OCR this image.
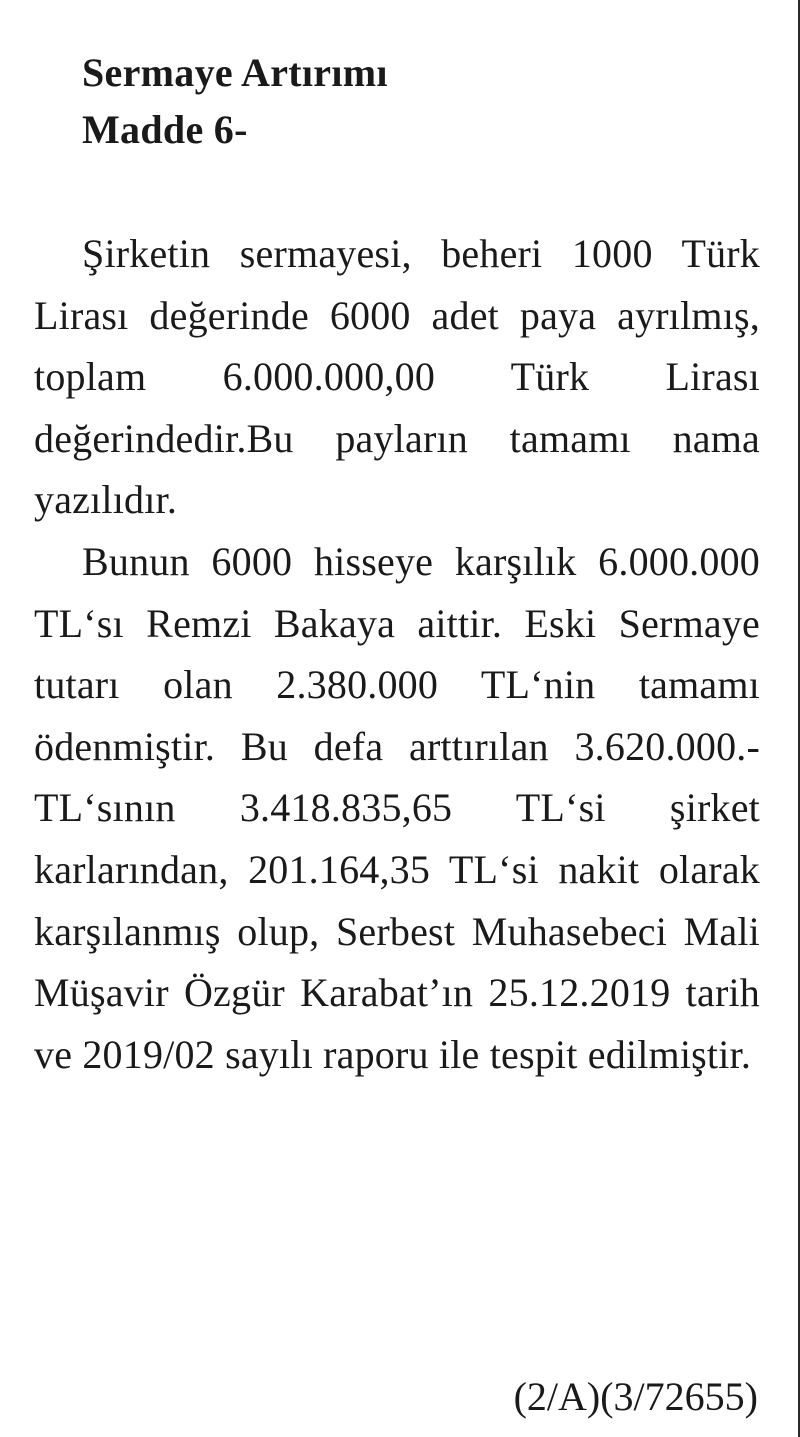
Sermaye Artırımı
Madde 6-

Şirketin sermayesi, beheri 1000 Türk Lirası değerinde 6000 adet paya ayrılmış, toplam 6.000.000,00 Türk Lirası değerindedir.Bu payların tamamı nama yazılıdır.

Bunun 6000 hisseye karşılık 6.000.000 TL‘sı Remzi Bakaya aittir. Eski Sermaye tutarı olan 2.380.000 TL‘nin tamamı ödenmiştir. Bu defa arttırılan 3.620.000.- TL‘sının 3.418.835,65 TL‘si şirket karlarından, 201.164,35 TL‘si nakit olarak karşılanmış olup, Serbest Muhasebeci Mali Müşavir Özgür Karabat’ın 25.12.2019 tarih ve 2019/02 sayılı raporu ile tespit edilmiştir.

(2/A)(3/72655)
